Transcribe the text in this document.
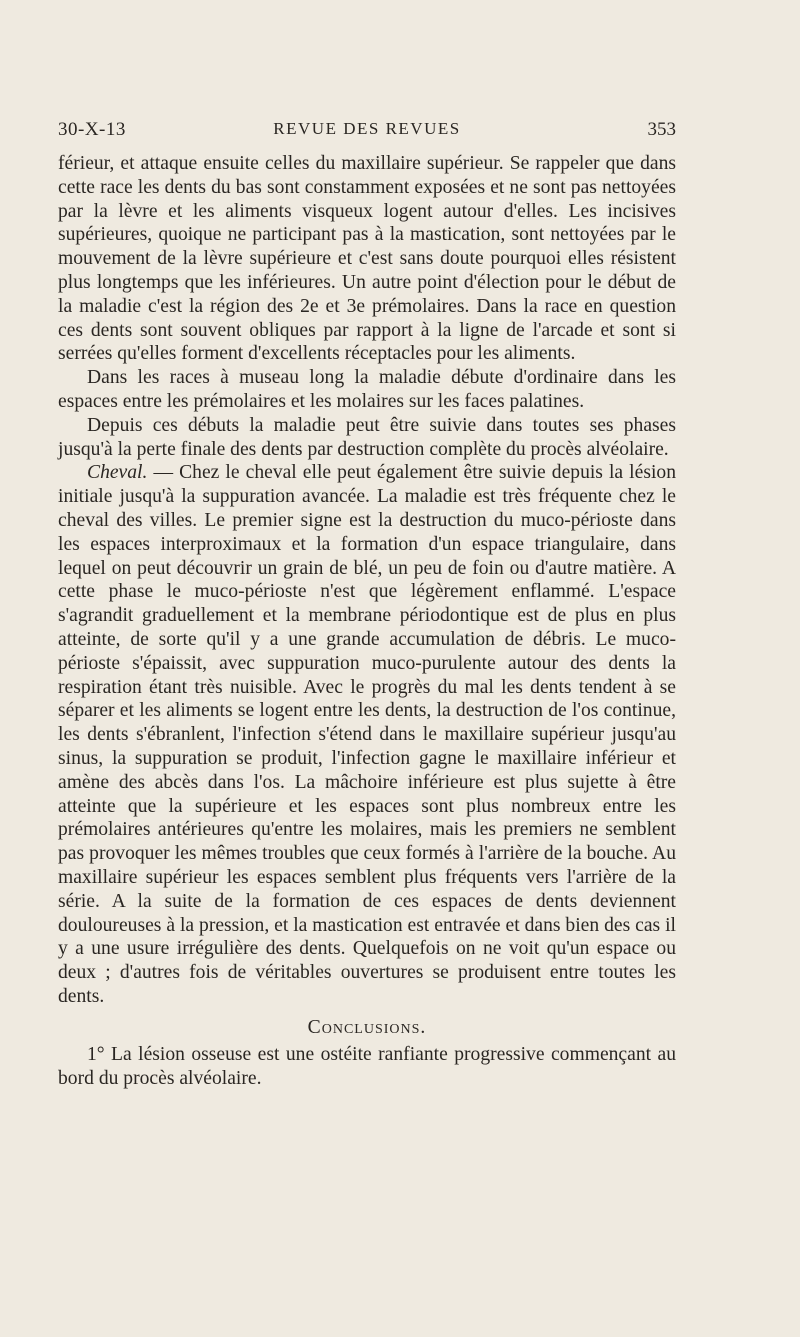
30-X-13	REVUE DES REVUES	353

férieur, et attaque ensuite celles du maxillaire supérieur. Se rappeler que dans cette race les dents du bas sont constamment exposées et ne sont pas nettoyées par la lèvre et les aliments visqueux logent autour d'elles. Les incisives supérieures, quoique ne participant pas à la mastication, sont nettoyées par le mouvement de la lèvre supérieure et c'est sans doute pourquoi elles résistent plus longtemps que les inférieures. Un autre point d'élection pour le début de la maladie c'est la région des 2e et 3e prémolaires. Dans la race en question ces dents sont souvent obliques par rapport à la ligne de l'arcade et sont si serrées qu'elles forment d'excellents réceptacles pour les aliments.

Dans les races à museau long la maladie débute d'ordinaire dans les espaces entre les prémolaires et les molaires sur les faces palatines.

Depuis ces débuts la maladie peut être suivie dans toutes ses phases jusqu'à la perte finale des dents par destruction complète du procès alvéolaire.

Cheval. — Chez le cheval elle peut également être suivie depuis la lésion initiale jusqu'à la suppuration avancée. La maladie est très fréquente chez le cheval des villes. Le premier signe est la destruction du muco-périoste dans les espaces interproximaux et la formation d'un espace triangulaire, dans lequel on peut découvrir un grain de blé, un peu de foin ou d'autre matière. A cette phase le muco-périoste n'est que légèrement enflammé. L'espace s'agrandit graduellement et la membrane périodontique est de plus en plus atteinte, de sorte qu'il y a une grande accumulation de débris. Le muco-périoste s'épaissit, avec suppuration muco-purulente autour des dents la respiration étant très nuisible. Avec le progrès du mal les dents tendent à se séparer et les aliments se logent entre les dents, la destruction de l'os continue, les dents s'ébranlent, l'infection s'étend dans le maxillaire supérieur jusqu'au sinus, la suppuration se produit, l'infection gagne le maxillaire inférieur et amène des abcès dans l'os. La mâchoire inférieure est plus sujette à être atteinte que la supérieure et les espaces sont plus nombreux entre les prémolaires antérieures qu'entre les molaires, mais les premiers ne semblent pas provoquer les mêmes troubles que ceux formés à l'arrière de la bouche. Au maxillaire supérieur les espaces semblent plus fréquents vers l'arrière de la série. A la suite de la formation de ces espaces de dents deviennent douloureuses à la pression, et la mastication est entravée et dans bien des cas il y a une usure irrégulière des dents. Quelquefois on ne voit qu'un espace ou deux ; d'autres fois de véritables ouvertures se produisent entre toutes les dents.

Conclusions.

1° La lésion osseuse est une ostéite ranfiante progressive commençant au bord du procès alvéolaire.
